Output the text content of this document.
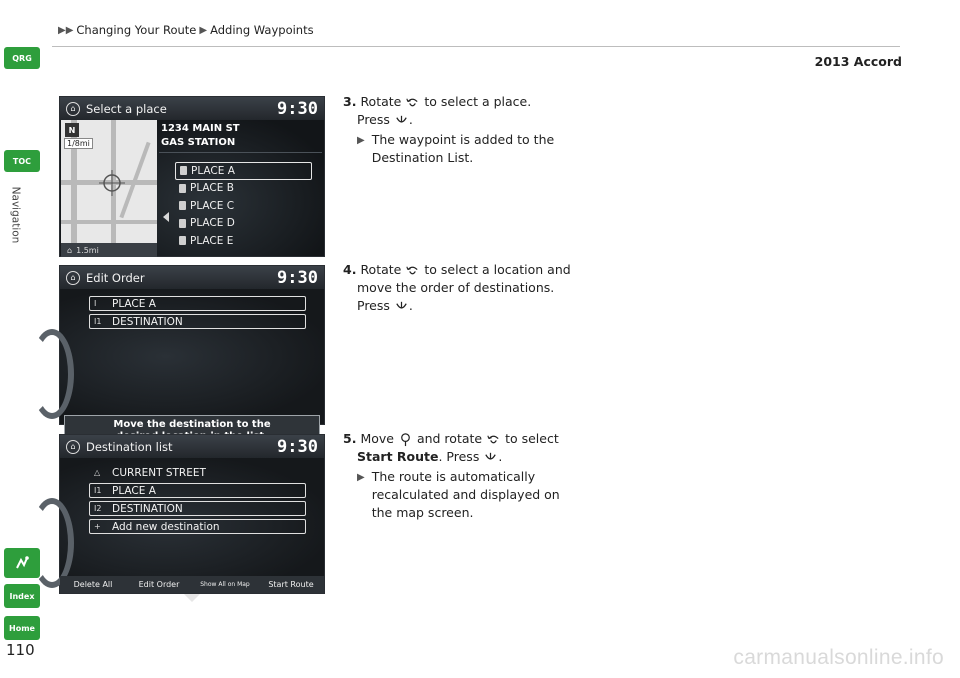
▶▶ Changing Your Route ▶ Adding Waypoints
2013 Accord
QRG
TOC
Navigation
Index
Home
110
⌂ Select a place	9:30
N
1/8mi
⌂ 1.5mi
1234 MAIN ST
GAS STATION
PLACE A
PLACE B
PLACE C
PLACE D
PLACE E
⌂ Edit Order	9:30
I	PLACE A
I1	DESTINATION
Move the destination to the
⌂ Destination list	9:30
△	CURRENT STREET
I1	PLACE A
I2	DESTINATION
+	Add new destination
Delete All	Edit Order	Show All on Map	Start Route
3. Rotate to select a place.
Press .
▶ The waypoint is added to the Destination List.
4. Rotate to select a location and
move the order of destinations.
Press .
5. Move and rotate to select
Start Route. Press .
▶ The route is automatically recalculated and displayed on the map screen.
carmanualsonline.info
